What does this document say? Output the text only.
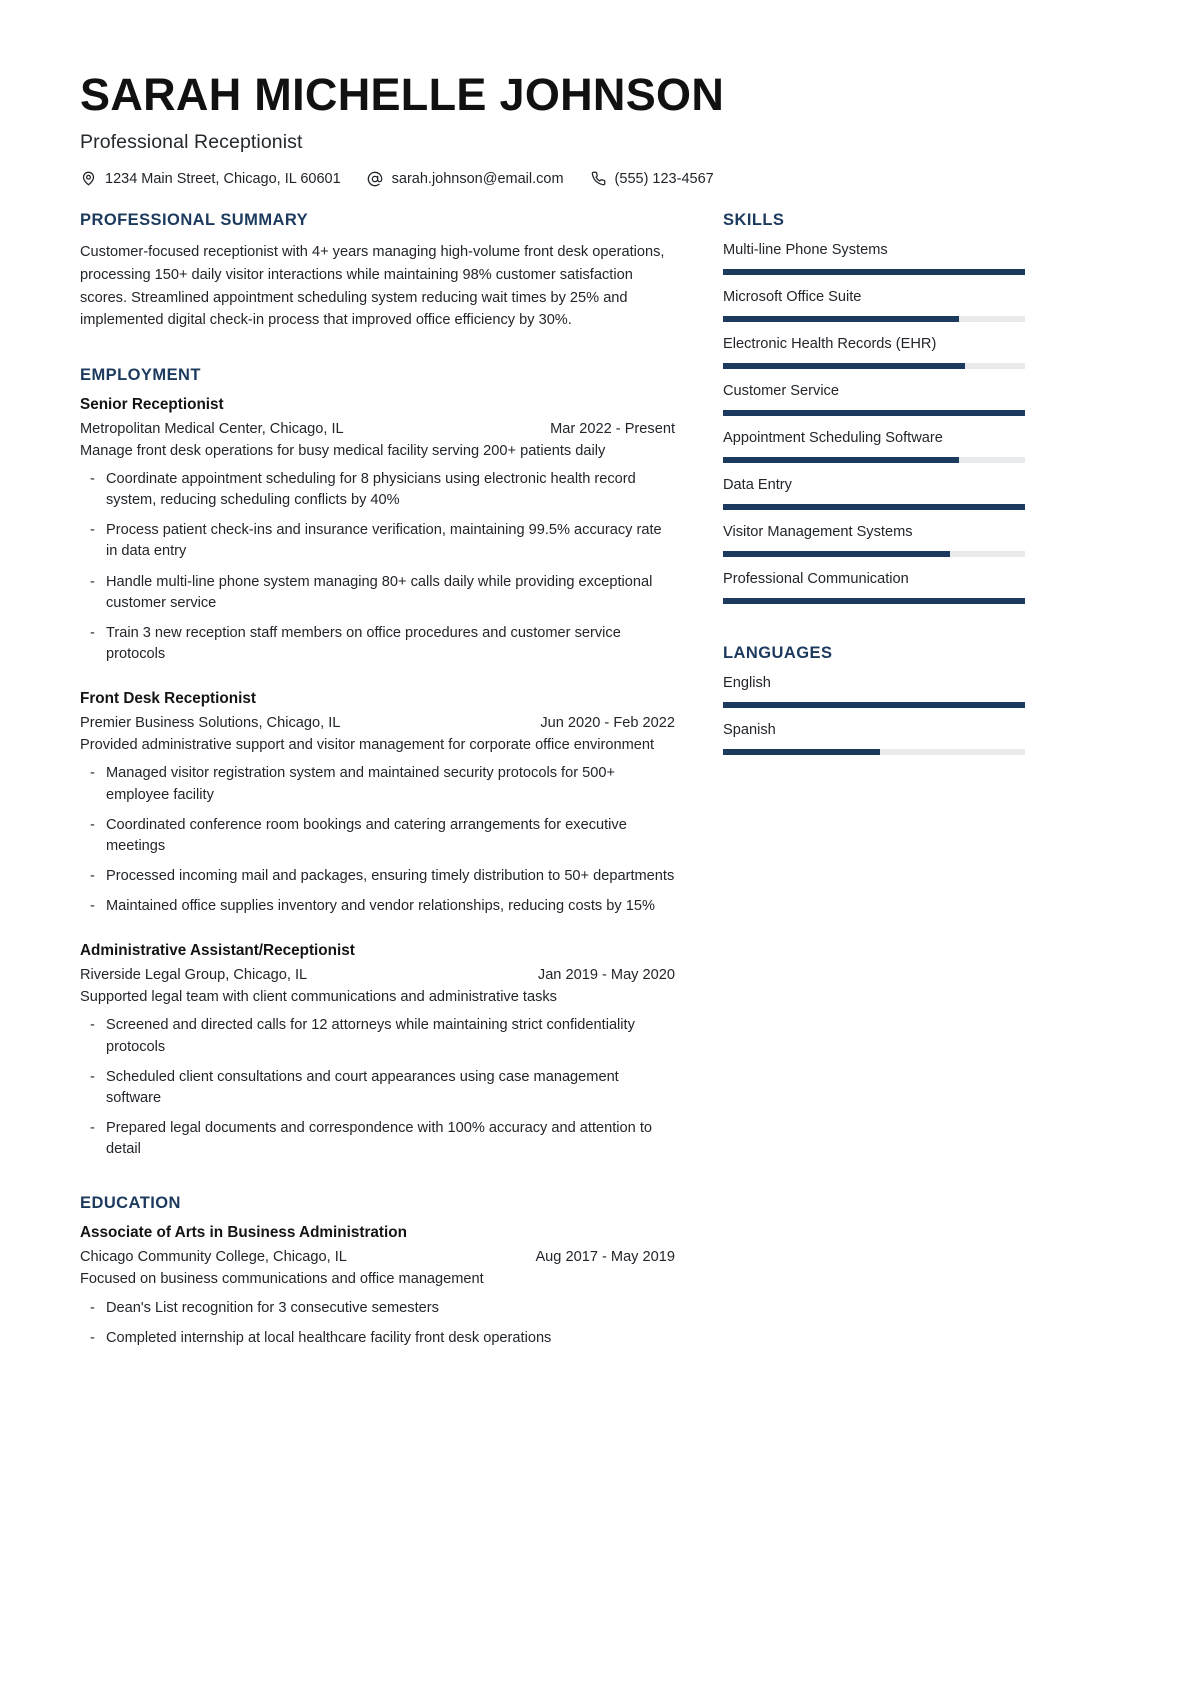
SARAH MICHELLE JOHNSON
Professional Receptionist
1234 Main Street, Chicago, IL 60601	sarah.johnson@email.com	(555) 123-4567
PROFESSIONAL SUMMARY
Customer-focused receptionist with 4+ years managing high-volume front desk operations, processing 150+ daily visitor interactions while maintaining 98% customer satisfaction scores. Streamlined appointment scheduling system reducing wait times by 25% and implemented digital check-in process that improved office efficiency by 30%.
EMPLOYMENT
Senior Receptionist
Metropolitan Medical Center, Chicago, IL	Mar 2022 - Present
Manage front desk operations for busy medical facility serving 200+ patients daily
- Coordinate appointment scheduling for 8 physicians using electronic health record system, reducing scheduling conflicts by 40%
- Process patient check-ins and insurance verification, maintaining 99.5% accuracy rate in data entry
- Handle multi-line phone system managing 80+ calls daily while providing exceptional customer service
- Train 3 new reception staff members on office procedures and customer service protocols
Front Desk Receptionist
Premier Business Solutions, Chicago, IL	Jun 2020 - Feb 2022
Provided administrative support and visitor management for corporate office environment
- Managed visitor registration system and maintained security protocols for 500+ employee facility
- Coordinated conference room bookings and catering arrangements for executive meetings
- Processed incoming mail and packages, ensuring timely distribution to 50+ departments
- Maintained office supplies inventory and vendor relationships, reducing costs by 15%
Administrative Assistant/Receptionist
Riverside Legal Group, Chicago, IL	Jan 2019 - May 2020
Supported legal team with client communications and administrative tasks
- Screened and directed calls for 12 attorneys while maintaining strict confidentiality protocols
- Scheduled client consultations and court appearances using case management software
- Prepared legal documents and correspondence with 100% accuracy and attention to detail
EDUCATION
Associate of Arts in Business Administration
Chicago Community College, Chicago, IL	Aug 2017 - May 2019
Focused on business communications and office management
- Dean's List recognition for 3 consecutive semesters
- Completed internship at local healthcare facility front desk operations
SKILLS
Multi-line Phone Systems
Microsoft Office Suite
Electronic Health Records (EHR)
Customer Service
Appointment Scheduling Software
Data Entry
Visitor Management Systems
Professional Communication
LANGUAGES
English
Spanish
